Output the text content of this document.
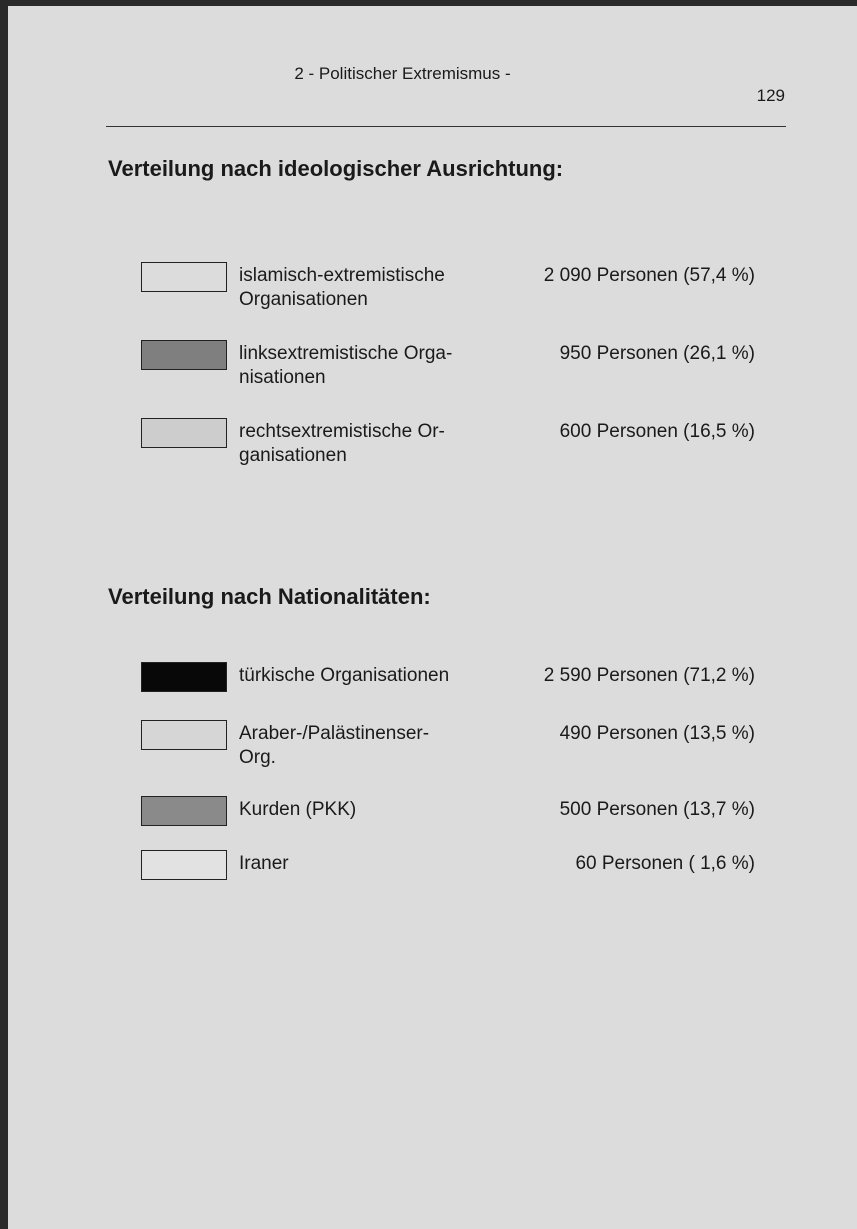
2 - Politischer Extremismus -
129
Verteilung nach ideologischer Ausrichtung:
islamisch-extremistische
Organisationen
2 090 Personen (57,4 %)
linksextremistische Orga-
nisationen
950 Personen (26,1 %)
rechtsextremistische Or-
ganisationen
600 Personen (16,5 %)
Verteilung nach Nationalitäten:
türkische Organisationen	2 590 Personen (71,2 %)
Araber-/Palästinenser-
Org.
490 Personen (13,5 %)
Kurden (PKK)	500 Personen (13,7 %)
Iraner	60 Personen ( 1,6 %)
